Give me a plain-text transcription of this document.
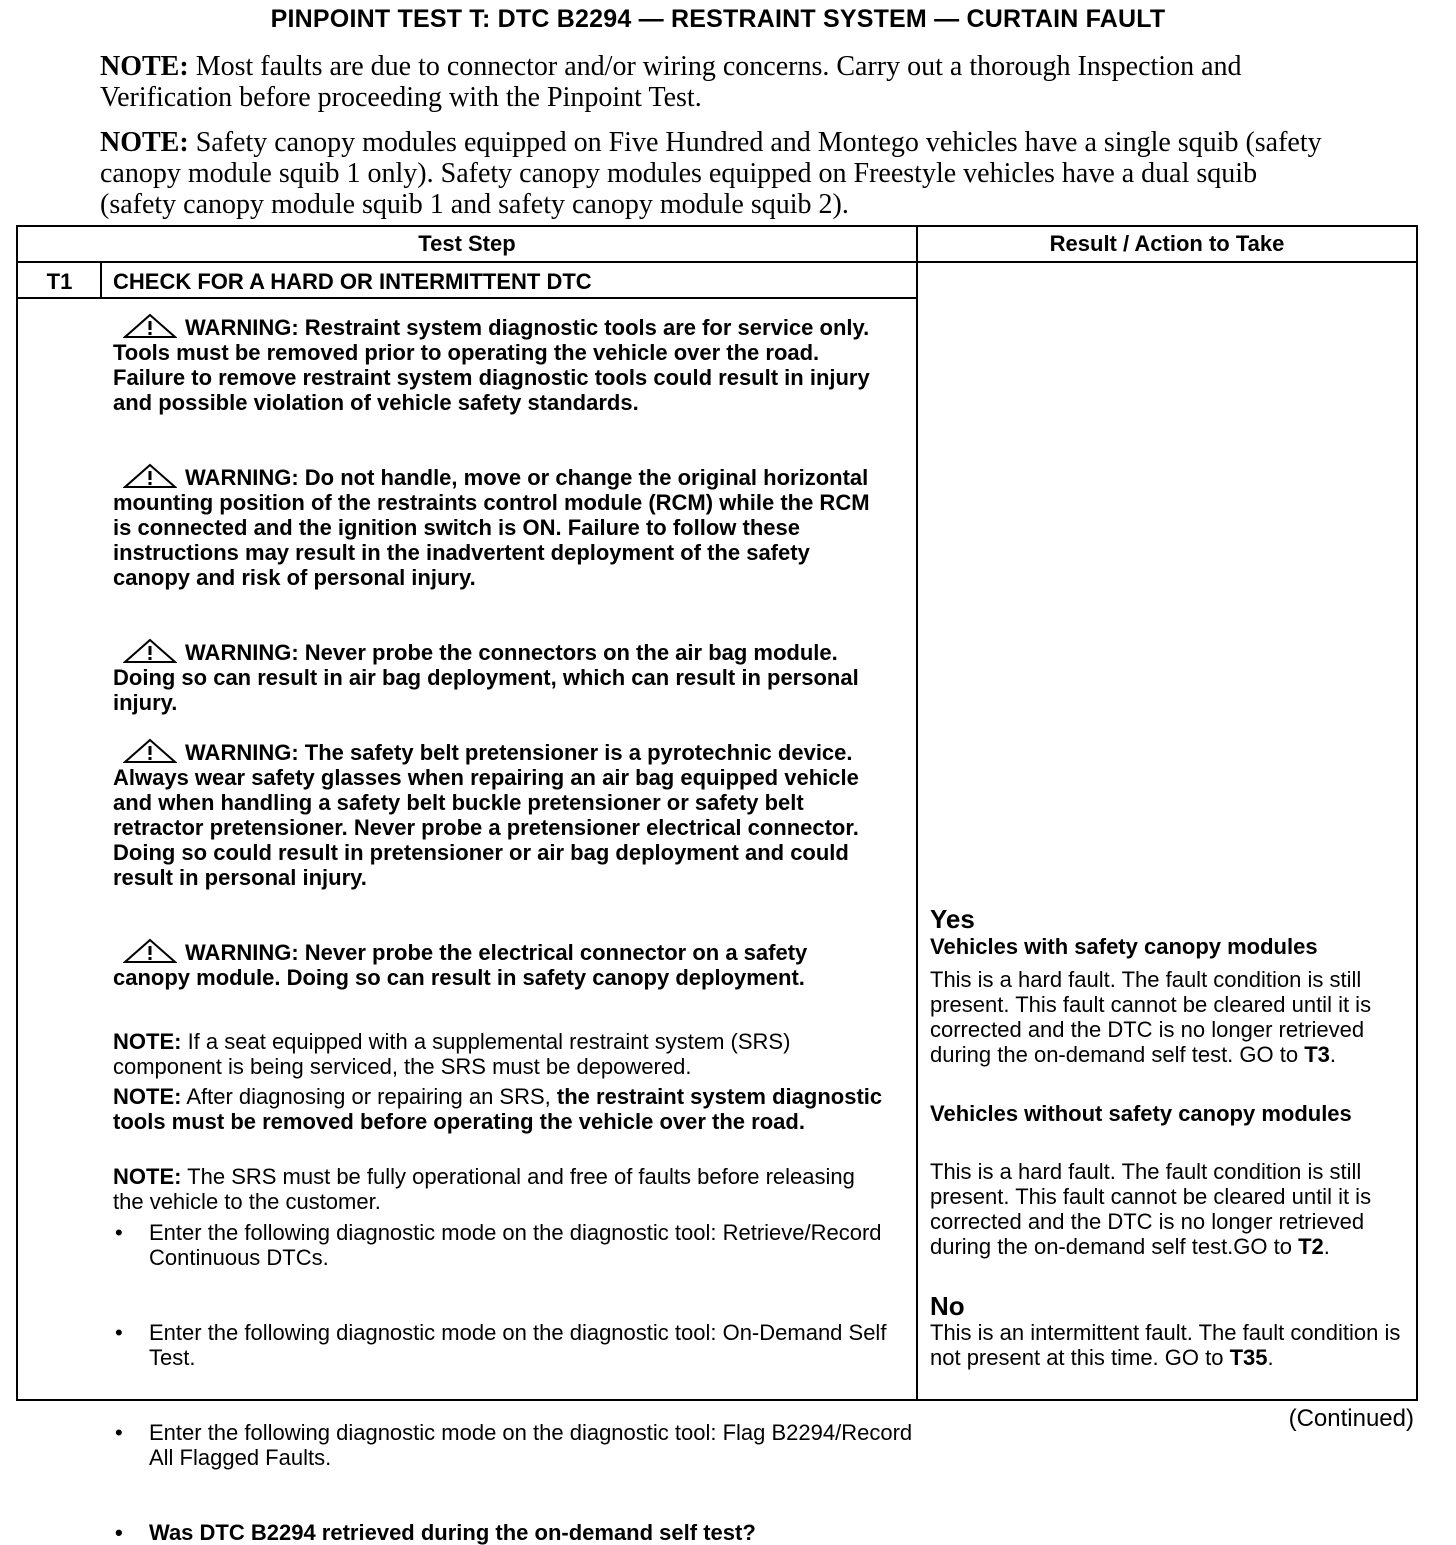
PINPOINT TEST T: DTC B2294 — RESTRAINT SYSTEM — CURTAIN FAULT
NOTE: Most faults are due to connector and/or wiring concerns. Carry out a thorough Inspection and Verification before proceeding with the Pinpoint Test.
NOTE: Safety canopy modules equipped on Five Hundred and Montego vehicles have a single squib (safety canopy module squib 1 only). Safety canopy modules equipped on Freestyle vehicles have a dual squib (safety canopy module squib 1 and safety canopy module squib 2).
Test Step	Result / Action to Take
T1	CHECK FOR A HARD OR INTERMITTENT DTC
WARNING: Restraint system diagnostic tools are for service only. Tools must be removed prior to operating the vehicle over the road. Failure to remove restraint system diagnostic tools could result in injury and possible violation of vehicle safety standards.
WARNING: Do not handle, move or change the original horizontal mounting position of the restraints control module (RCM) while the RCM is connected and the ignition switch is ON. Failure to follow these instructions may result in the inadvertent deployment of the safety canopy and risk of personal injury.
WARNING: Never probe the connectors on the air bag module. Doing so can result in air bag deployment, which can result in personal injury.
WARNING: The safety belt pretensioner is a pyrotechnic device. Always wear safety glasses when repairing an air bag equipped vehicle and when handling a safety belt buckle pretensioner or safety belt retractor pretensioner. Never probe a pretensioner electrical connector. Doing so could result in pretensioner or air bag deployment and could result in personal injury.
WARNING: Never probe the electrical connector on a safety canopy module. Doing so can result in safety canopy deployment.
NOTE: If a seat equipped with a supplemental restraint system (SRS) component is being serviced, the SRS must be depowered.
NOTE: After diagnosing or repairing an SRS, the restraint system diagnostic tools must be removed before operating the vehicle over the road.
NOTE: The SRS must be fully operational and free of faults before releasing the vehicle to the customer.
• Enter the following diagnostic mode on the diagnostic tool: Retrieve/Record Continuous DTCs.
• Enter the following diagnostic mode on the diagnostic tool: On-Demand Self Test.
• Enter the following diagnostic mode on the diagnostic tool: Flag B2294/Record All Flagged Faults.
• Was DTC B2294 retrieved during the on-demand self test?
Yes
Vehicles with safety canopy modules
This is a hard fault. The fault condition is still present. This fault cannot be cleared until it is corrected and the DTC is no longer retrieved during the on-demand self test. GO to T3.
Vehicles without safety canopy modules
This is a hard fault. The fault condition is still present. This fault cannot be cleared until it is corrected and the DTC is no longer retrieved during the on-demand self test.GO to T2.
No
This is an intermittent fault. The fault condition is not present at this time. GO to T35.
(Continued)
